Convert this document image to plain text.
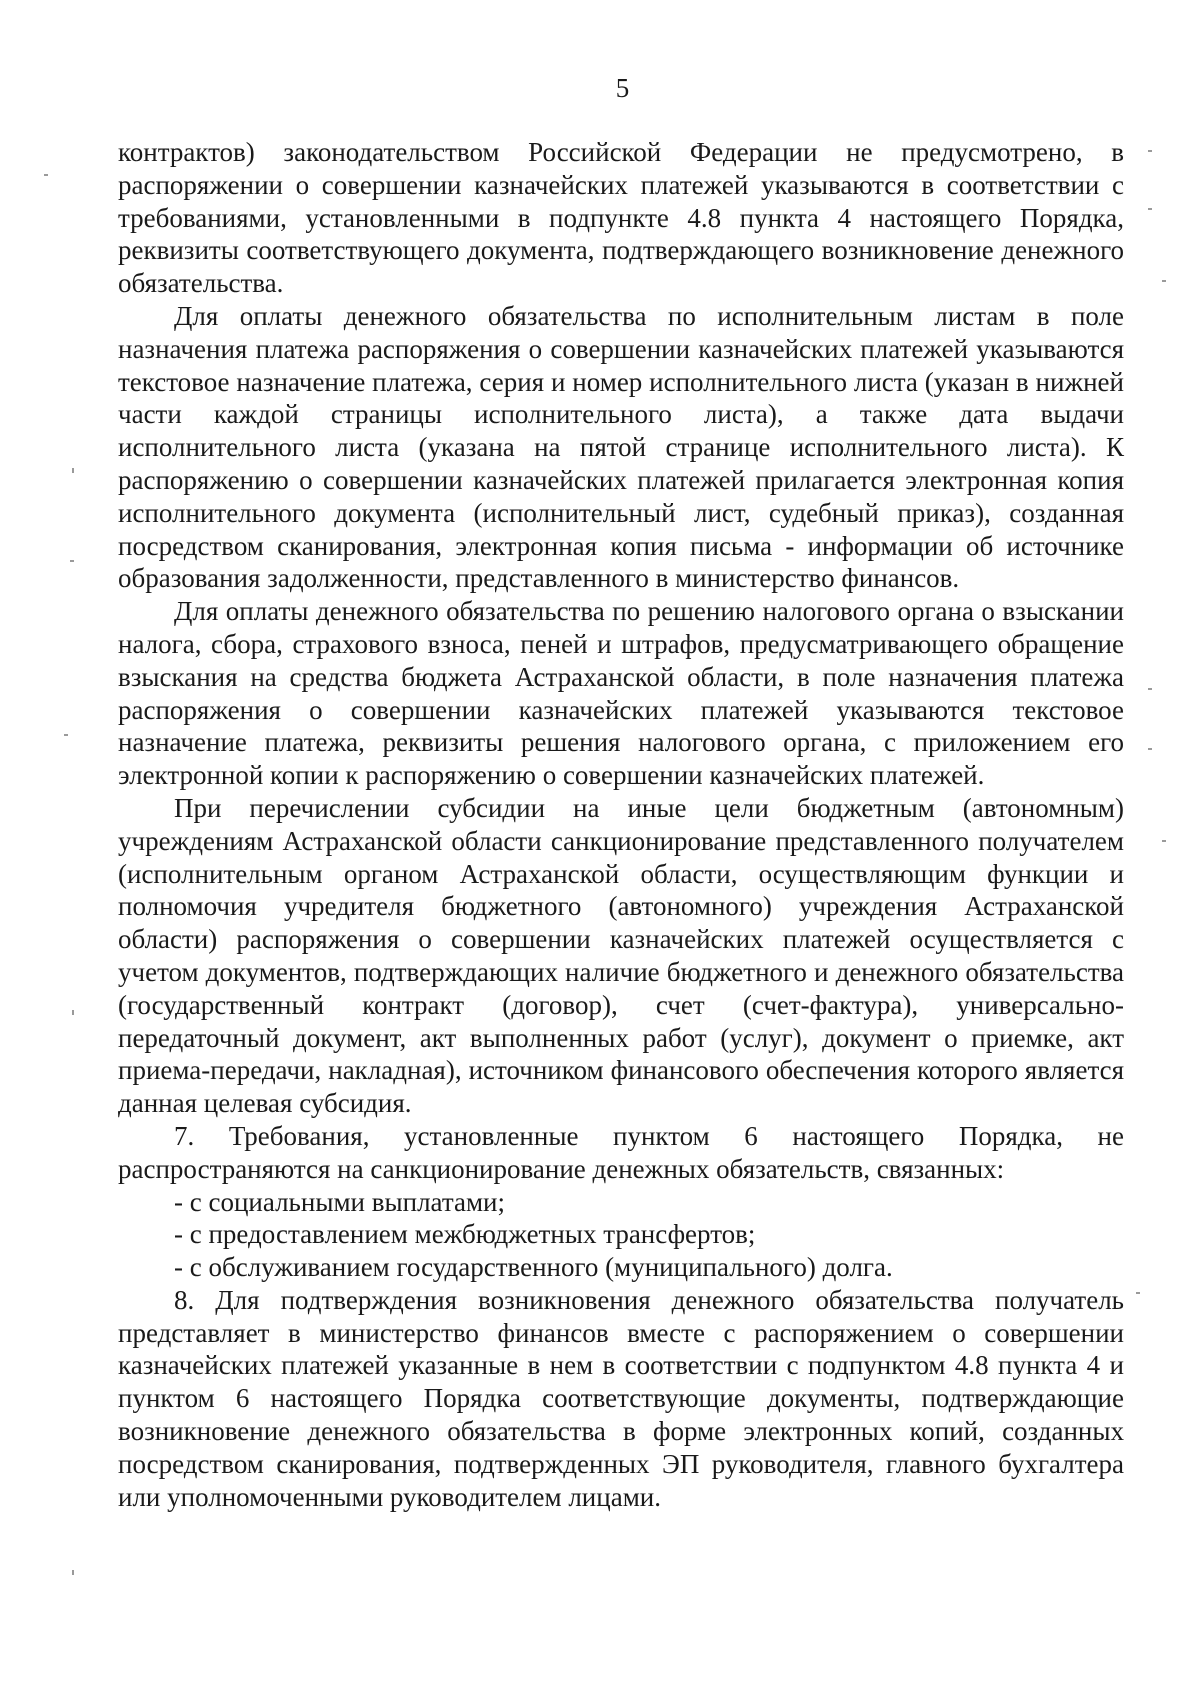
5

контрактов) законодательством Российской Федерации не предусмотрено, в распоряжении о совершении казначейских платежей указываются в соответствии с требованиями, установленными в подпункте 4.8 пункта 4 настоящего Порядка, реквизиты соответствующего документа, подтверждающего возникновение денежного обязательства.

Для оплаты денежного обязательства по исполнительным листам в поле назначения платежа распоряжения о совершении казначейских платежей указываются текстовое назначение платежа, серия и номер исполнительного листа (указан в нижней части каждой страницы исполнительного листа), а также дата выдачи исполнительного листа (указана на пятой странице исполнительного листа). К распоряжению о совершении казначейских платежей прилагается электронная копия исполнительного документа (исполнительный лист, судебный приказ), созданная посредством сканирования, электронная копия письма - информации об источнике образования задолженности, представленного в министерство финансов.

Для оплаты денежного обязательства по решению налогового органа о взыскании налога, сбора, страхового взноса, пеней и штрафов, предусматривающего обращение взыскания на средства бюджета Астраханской области, в поле назначения платежа распоряжения о совершении казначейских платежей указываются текстовое назначение платежа, реквизиты решения налогового органа, с приложением его электронной копии к распоряжению о совершении казначейских платежей.

При перечислении субсидии на иные цели бюджетным (автономным) учреждениям Астраханской области санкционирование представленного получателем (исполнительным органом Астраханской области, осуществляющим функции и полномочия учредителя бюджетного (автономного) учреждения Астраханской области) распоряжения о совершении казначейских платежей осуществляется с учетом документов, подтверждающих наличие бюджетного и денежного обязательства (государственный контракт (договор), счет (счет-фактура), универсально-передаточный документ, акт выполненных работ (услуг), документ о приемке, акт приема-передачи, накладная), источником финансового обеспечения которого является данная целевая субсидия.

7. Требования, установленные пунктом 6 настоящего Порядка, не распространяются на санкционирование денежных обязательств, связанных:

- с социальными выплатами;

- с предоставлением межбюджетных трансфертов;

- с обслуживанием государственного (муниципального) долга.

8. Для подтверждения возникновения денежного обязательства получатель представляет в министерство финансов вместе с распоряжением о совершении казначейских платежей указанные в нем в соответствии с подпунктом 4.8 пункта 4 и пунктом 6 настоящего Порядка соответствующие документы, подтверждающие возникновение денежного обязательства в форме электронных копий, созданных посредством сканирования, подтвержденных ЭП руководителя, главного бухгалтера или уполномоченными руководителем лицами.
